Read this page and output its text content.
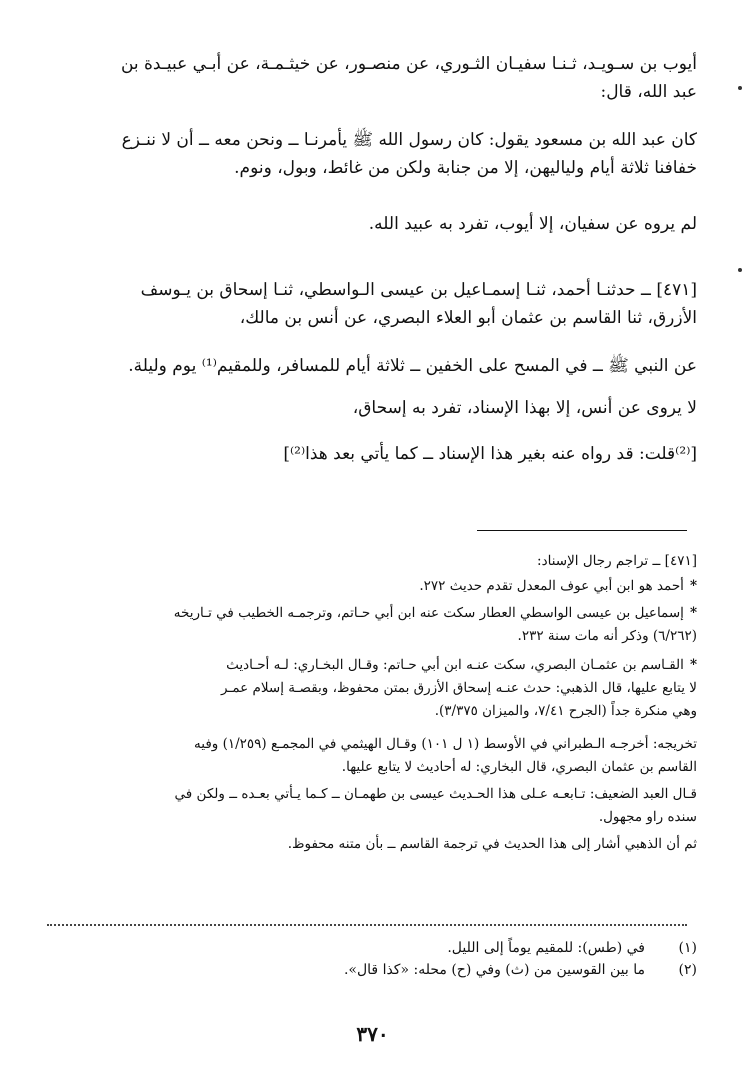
أيوب بن سـويـد، ثـنـا سفيـان الثـوري، عن منصـور، عن خيثـمـة، عن أبـي عبيـدة بن

عبد الله، قال:

كان عبد الله بن مسعود يقول: كان رسول الله ﷺ يأمرنـا ــ ونحن معه ــ أن لا ننـزع

خفافنا ثلاثة أيام ولياليهن، إلا من جنابة ولكن من غائط، وبول، ونوم.

لم يروه عن سفيان، إلا أيوب، تفرد به عبيد الله.

[٤٧١] ــ حدثنـا أحمد، ثنـا إسمـاعيل بن عيسى الـواسطي، ثنـا إسحاق بن يـوسف

الأزرق، ثنا القاسم بن عثمان أبو العلاء البصري، عن أنس بن مالك،

عن النبي ﷺ ــ في المسح على الخفين ــ ثلاثة أيام للمسافر، وللمقيم⁽¹⁾ يوم وليلة.

لا يروى عن أنس، إلا بهذا الإسناد، تفرد به إسحاق،

[⁽²⁾قلت: قد رواه عنه بغير هذا الإسناد ــ كما يأتي بعد هذا⁽²⁾]

[٤٧١] ــ تراجم رجال الإسناد:

*أحمد هو ابن أبي عوف المعدل تقدم حديث ٢٧٢.

*إسماعيل بن عيسى الواسطي العطار سكت عنه ابن أبي حـاتم، وترجمـه الخطيب في تـاريخه

(٦/٢٦٢) وذكر أنه مات سنة ٢٣٢.

*القـاسم بن عثمـان البصري، سكت عنـه ابن أبي حـاتم: وقـال البخـاري: لـه أحـاديث

لا يتابع عليها، قال الذهبي: حدث عنـه إسحاق الأزرق بمتن محفوظ، وبقصـة إسلام عمـر

وهي منكرة جداً (الجرح ٧/٤١، والميزان ٣/٣٧٥).

تخريجه: أخرجـه الـطبراني في الأوسط (١ ل ١٠١) وقـال الهيثمي في المجمـع (١/٢٥٩) وفيه

القاسم بن عثمان البصري، قال البخاري: له أحاديث لا يتابع عليها.

قـال العبد الضعيف: تـابعـه عـلى هذا الحـديث عيسى بن طهمـان ــ كـما يـأتي بعـده ــ ولكن في

سنده راو مجهول.

ثم أن الذهبي أشار إلى هذا الحديث في ترجمة القاسم ــ بأن متنه محفوظ.

(١)
في (طس): للمقيم يوماً إلى الليل.
(٢)
ما بين القوسين من (ث) وفي (ح) محله: «كذا قال».
٣٧٠
